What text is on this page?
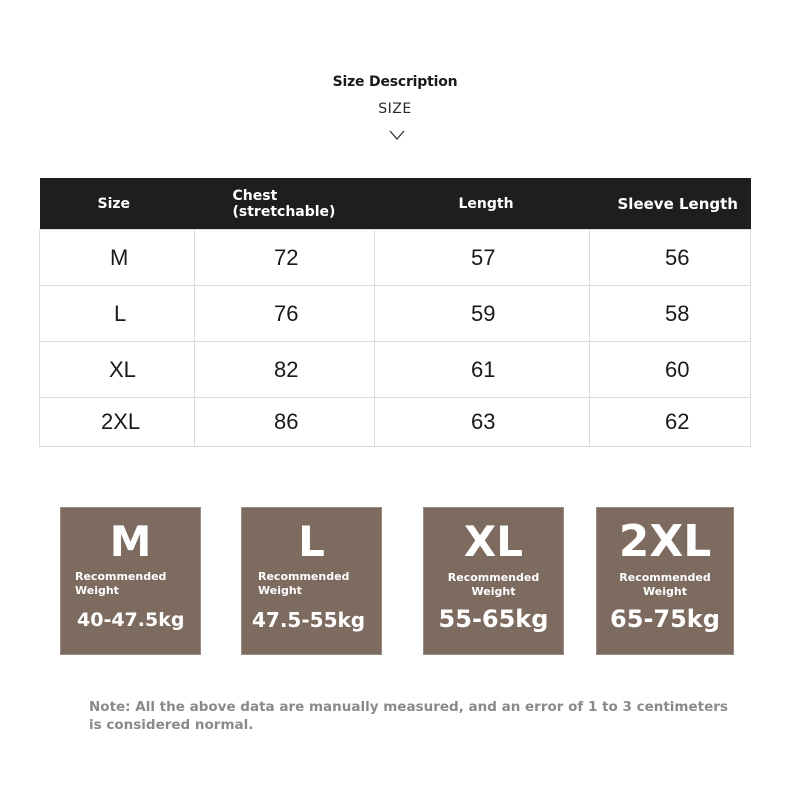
Size Description
SIZE
Size	Chest (stretchable)	Length	Sleeve Length
M	72	57	56
L	76	59	58
XL	82	61	60
2XL	86	63	62
M
Recommended
Weight
40-47.5kg
L
Recommended
Weight
47.5-55kg
XL
Recommended
Weight
55-65kg
2XL
Recommended
Weight
65-75kg
Note: All the above data are manually measured, and an error of 1 to 3 centimeters
is considered normal.
